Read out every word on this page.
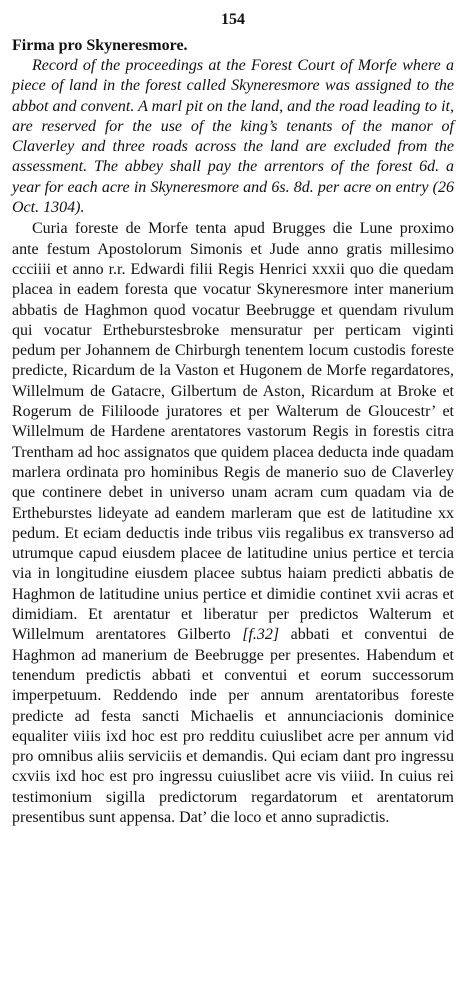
154

Firma pro Skyneresmore.

Record of the proceedings at the Forest Court of Morfe where a piece of land in the forest called Skyneresmore was assigned to the abbot and convent. A marl pit on the land, and the road leading to it, are reserved for the use of the king’s tenants of the manor of Claverley and three roads across the land are excluded from the assessment. The abbey shall pay the arrentors of the forest 6d. a year for each acre in Skyneresmore and 6s. 8d. per acre on entry (26 Oct. 1304).

Curia foreste de Morfe tenta apud Brugges die Lune proximo ante festum Apostolorum Simonis et Jude anno gratis millesimo ccciiii et anno r.r. Edwardi filii Regis Henrici xxxii quo die quedam placea in eadem foresta que vocatur Skyneresmore inter manerium abbatis de Haghmon quod vocatur Beebrugge et quendam rivulum qui vocatur Ertheburstesbroke mensuratur per perticam viginti pedum per Johannem de Chirburgh tenentem locum custodis foreste predicte, Ricardum de la Vaston et Hugonem de Morfe regardatores, Willelmum de Gatacre, Gilbertum de Aston, Ricardum at Broke et Rogerum de Fililoode juratores et per Walterum de Gloucestr’ et Willelmum de Hardene arentatores vastorum Regis in forestis citra Trentham ad hoc assignatos que quidem placea deducta inde quadam marlera ordinata pro hominibus Regis de manerio suo de Claverley que continere debet in universo unam acram cum quadam via de Ertheburstes lideyate ad eandem marleram que est de latitudine xx pedum. Et eciam deductis inde tribus viis regalibus ex transverso ad utrumque capud eiusdem placee de latitudine unius pertice et tercia via in longitudine eiusdem placee subtus haiam predicti abbatis de Haghmon de latitudine unius pertice et dimidie continet xvii acras et dimidiam. Et arentatur et liberatur per predictos Walterum et Willelmum arentatores Gilberto [f.32] abbati et conventui de Haghmon ad manerium de Beebrugge per presentes. Habendum et tenendum predictis abbati et conventui et eorum successorum imperpetuum. Reddendo inde per annum arentatoribus foreste predicte ad festa sancti Michaelis et annunciacionis dominice equaliter viiis ixd hoc est pro redditu cuiuslibet acre per annum vid pro omnibus aliis serviciis et demandis. Qui eciam dant pro ingressu cxviis ixd hoc est pro ingressu cuiuslibet acre vis viiid. In cuius rei testimonium sigilla predictorum regardatorum et arentatorum presentibus sunt appensa. Dat’ die loco et anno supradictis.
